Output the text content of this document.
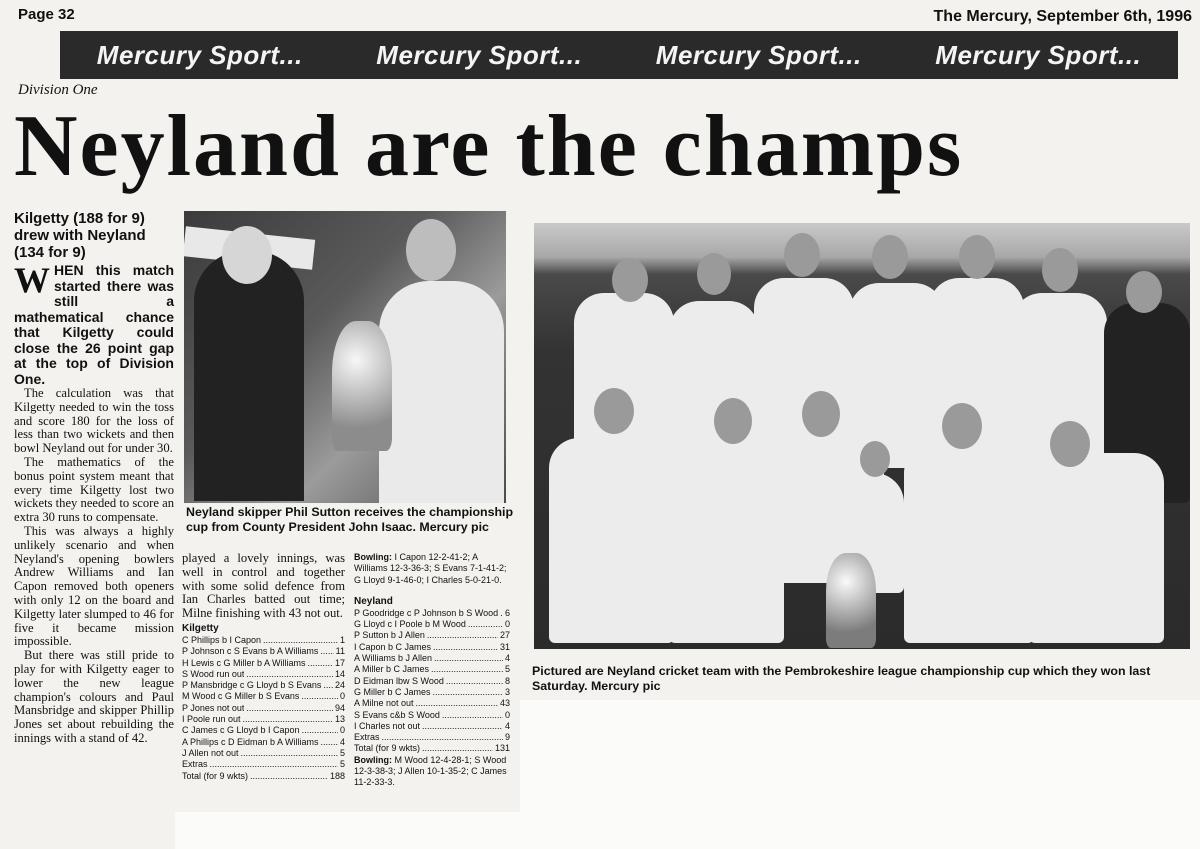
Page 32	The Mercury, September 6th, 1996
Mercury Sport...	Mercury Sport...	Mercury Sport...	Mercury Sport...
Division One
Neyland are the champs

Kilgetty (188 for 9) drew with Neyland (134 for 9)

WHEN this match started there was still a mathematical chance that Kilgetty could close the 26 point gap at the top of Division One.

The calculation was that Kilgetty needed to win the toss and score 180 for the loss of less than two wickets and then bowl Neyland out for under 30.

The mathematics of the bonus point system meant that every time Kilgetty lost two wickets they needed to score an extra 30 runs to compensate.

This was always a highly unlikely scenario and when Neyland's opening bowlers Andrew Williams and Ian Capon removed both openers with only 12 on the board and Kilgetty later slumped to 46 for five it became mission impossible.

But there was still pride to play for with Kilgetty eager to lower the new league champion's colours and Paul Mansbridge and skipper Phillip Jones set about rebuilding the innings with a stand of 42.

Neyland skipper Phil Sutton receives the championship cup from County President John Isaac. Mercury pic

played a lovely innings, was well in control and together with some solid defence from Ian Charles batted out time; Milne finishing with 43 not out.

Kilgetty
C Phillips b I Capon .....	1
P Johnson c S Evans b A Williams ..... 11
H Lewis c G Miller b A Williams .....	17
S Wood run out .....	14
P Mansbridge c G Lloyd b S Evans ..... 24
M Wood c G Miller b S Evans .....	0
P Jones not out .....	94
I Poole run out .....	13
C James c G Lloyd b I Capon .....	0
A Phillips c D Eidman b A Williams ..... 4
J Allen not out .....	5
Extras .....	5
Total (for 9 wkts) .....	188

Bowling: I Capon 12-2-41-2; A Williams 12-3-36-3; S Evans 7-1-41-2; G Lloyd 9-1-46-0; I Charles 5-0-21-0.

Neyland
P Goodridge c P Johnson b S Wood ..... 6
G Lloyd c I Poole b M Wood .....	0
P Sutton b J Allen .....	27
I Capon b C James .....	31
A Williams b J Allen .....	4
A Miller b C James .....	5
D Eidman lbw S Wood .....	8
G Miller b C James .....	3
A Milne not out .....	43
S Evans c&b S Wood .....	0
I Charles not out .....	4
Extras .....	9
Total (for 9 wkts) .....	131

Bowling: M Wood 12-4-28-1; S Wood 12-3-38-3; J Allen 10-1-35-2; C James 11-2-33-3.

Pictured are Neyland cricket team with the Pembrokeshire league championship cup which they won last Saturday. Mercury pic
